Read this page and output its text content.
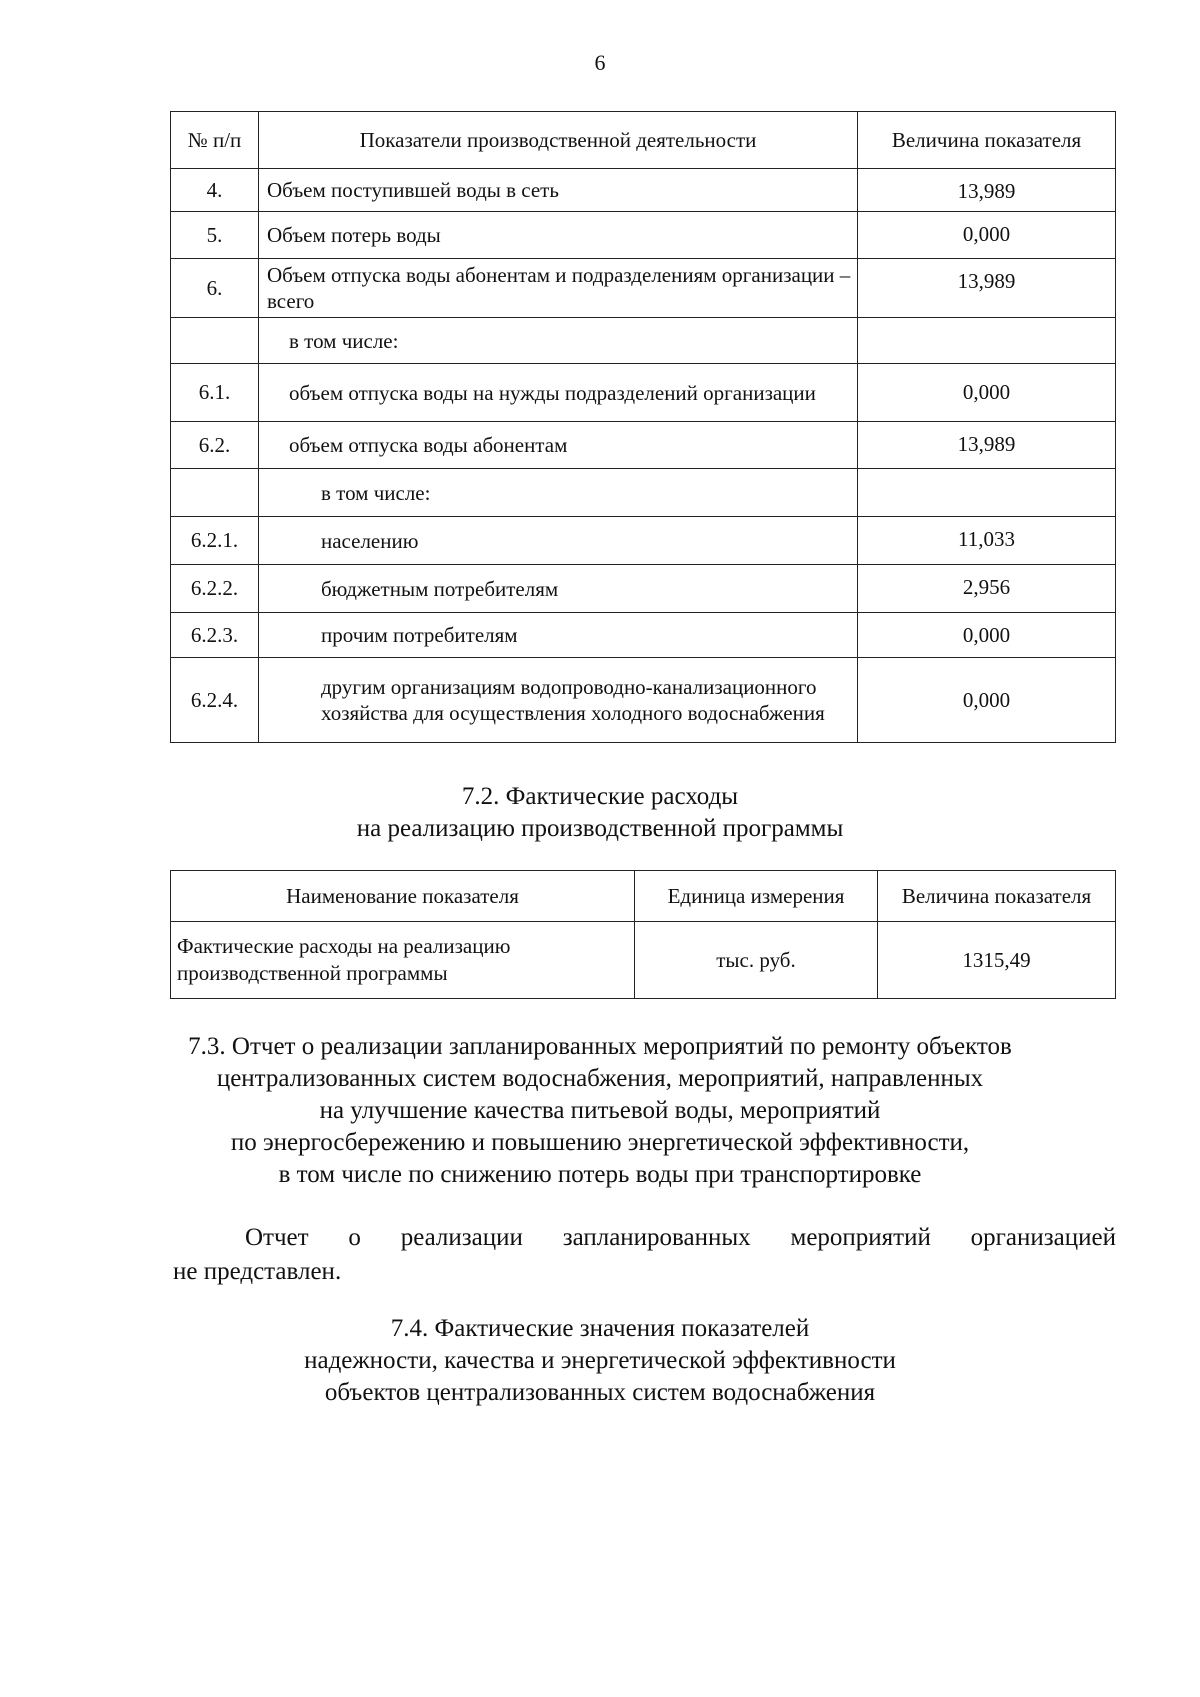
6
№ п/п	Показатели производственной деятельности	Величина показателя
4.	Объем поступившей воды в сеть	13,989
5.	Объем потерь воды	0,000
6.	Объем отпуска воды абонентам и подразделениям организации – всего	13,989
	в том числе:	
6.1.	объем отпуска воды на нужды подразделений организации	0,000
6.2.	объем отпуска воды абонентам	13,989
	в том числе:	
6.2.1.	населению	11,033
6.2.2.	бюджетным потребителям	2,956
6.2.3.	прочим потребителям	0,000
6.2.4.	другим организациям водопроводно-канализационного хозяйства для осуществления холодного водоснабжения	0,000
7.2. Фактические расходы
на реализацию производственной программы
Наименование показателя	Единица измерения	Величина показателя
Фактические расходы на реализацию производственной программы	тыс. руб.	1315,49
7.3. Отчет о реализации запланированных мероприятий по ремонту объектов
централизованных систем водоснабжения, мероприятий, направленных
на улучшение качества питьевой воды, мероприятий
по энергосбережению и повышению энергетической эффективности,
в том числе по снижению потерь воды при транспортировке
Отчет о реализации запланированных мероприятий организацией
не представлен.
7.4. Фактические значения показателей
надежности, качества и энергетической эффективности
объектов централизованных систем водоснабжения
